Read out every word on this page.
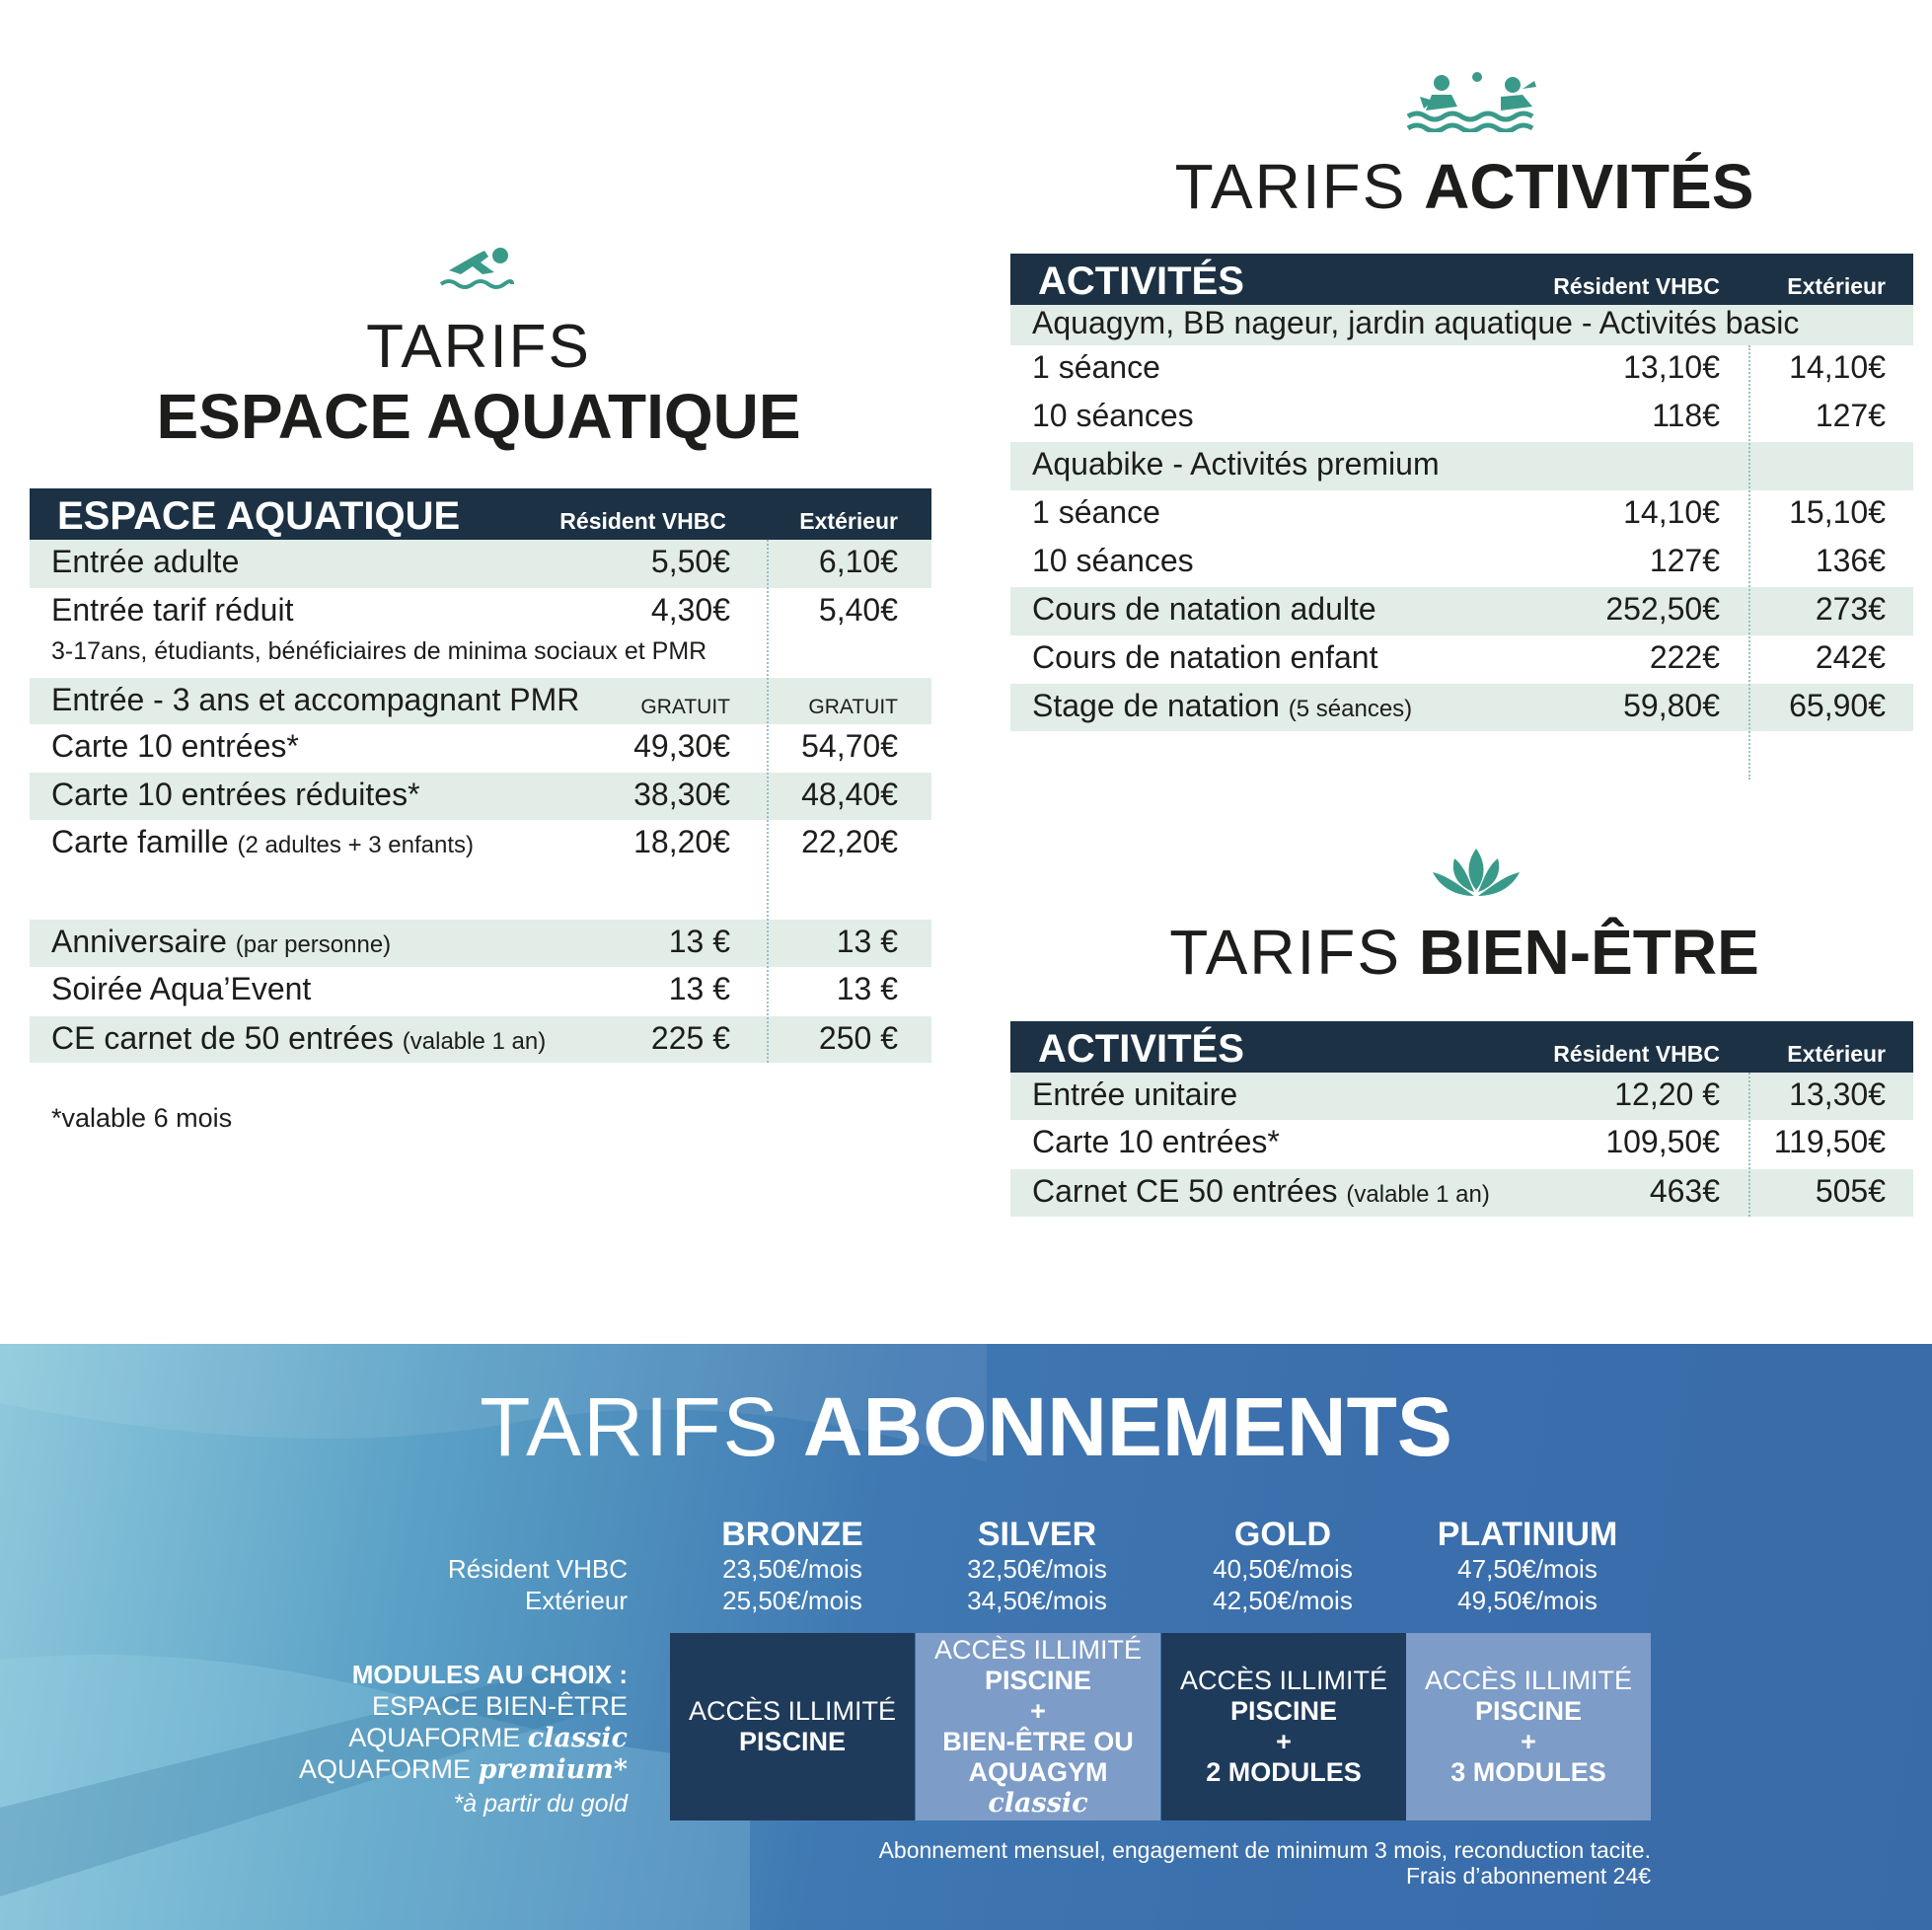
TARIFS
ESPACE AQUATIQUE
ESPACE AQUATIQUE	Résident VHBC	Extérieur
Entrée adulte	5,50€	6,10€
Entrée tarif réduit	4,30€	5,40€
3-17ans, étudiants, bénéficiaires de minima sociaux et PMR
Entrée - 3 ans et accompagnant PMR	GRATUIT	GRATUIT
Carte 10 entrées*	49,30€ 54,70€
Carte 10 entrées réduites*	38,30€ 48,40€
Carte famille (2 adultes + 3 enfants)	18,20€ 22,20€
Anniversaire (par personne)	13 €	13 €
Soirée Aqua’Event	13 €	13 €
CE carnet de 50 entrées (valable 1 an)	225 €	250 €
*valable 6 mois
TARIFS ACTIVITÉS
ACTIVITÉS	Résident VHBC	Extérieur
Aquagym, BB nageur, jardin aquatique - Activités basic
1 séance	13,10€ 14,10€
10 séances	118€	127€
Aquabike - Activités premium
1 séance	14,10€ 15,10€
10 séances	127€	136€
Cours de natation adulte	252,50€	273€
Cours de natation enfant	222€	242€
Stage de natation (5 séances)	59,80€ 65,90€
TARIFS BIEN-ÊTRE
ACTIVITÉS	Résident VHBC	Extérieur
Entrée unitaire	12,20 € 13,30€
Carte 10 entrées*	109,50€ 119,50€
Carnet CE 50 entrées (valable 1 an)	463€	505€
TARIFS ABONNEMENTS
Résident VHBC
Extérieur
BRONZE
23,50€/mois
25,50€/mois
SILVER
32,50€/mois
34,50€/mois
GOLD
40,50€/mois
42,50€/mois
PLATINIUM
47,50€/mois
49,50€/mois
MODULES AU CHOIX :
ESPACE BIEN-ÊTRE
AQUAFORME classic
AQUAFORME premium*
*à partir du gold
ACCÈS ILLIMITÉ
PISCINE
ACCÈS ILLIMITÉ
PISCINE
+
BIEN-ÊTRE OU
AQUAGYM classic
ACCÈS ILLIMITÉ
PISCINE
+
2 MODULES
ACCÈS ILLIMITÉ
PISCINE
+
3 MODULES
Abonnement mensuel, engagement de minimum 3 mois, reconduction tacite.
Frais d’abonnement 24€
